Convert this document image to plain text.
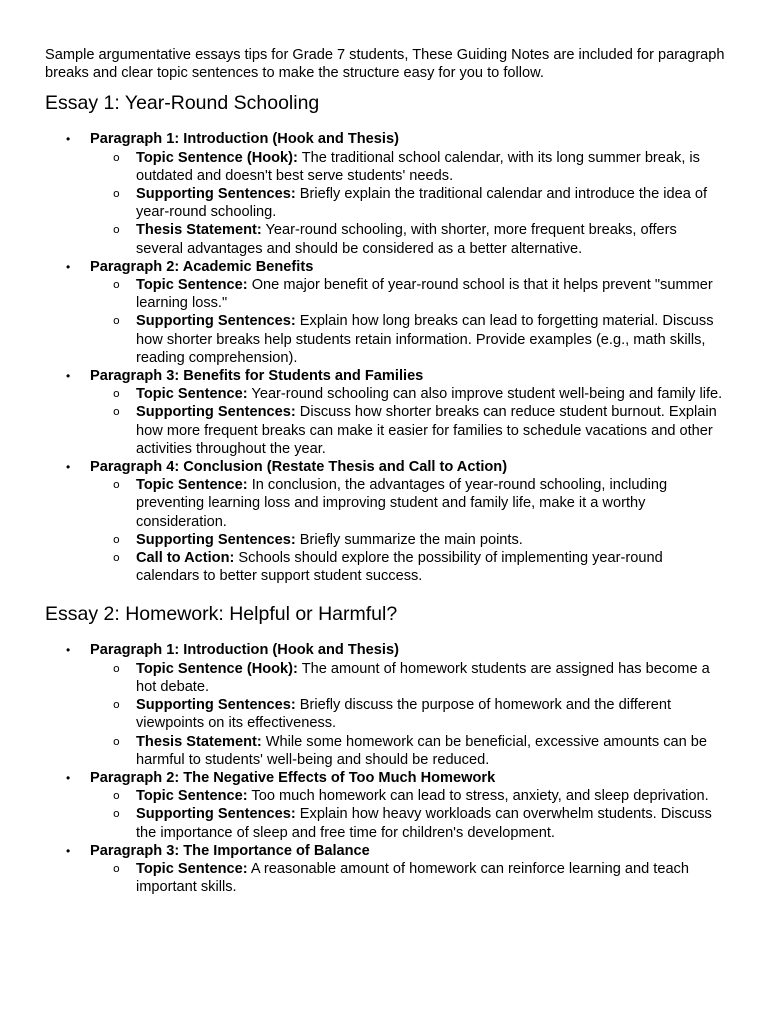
Sample argumentative essays tips for Grade 7 students, These Guiding Notes are included for paragraph breaks and clear topic sentences to make the structure easy for you to follow.

Essay 1: Year-Round Schooling
• Paragraph 1: Introduction (Hook and Thesis)
o Topic Sentence (Hook): The traditional school calendar, with its long summer break, is outdated and doesn't best serve students' needs.
o Supporting Sentences: Briefly explain the traditional calendar and introduce the idea of year-round schooling.
o Thesis Statement: Year-round schooling, with shorter, more frequent breaks, offers several advantages and should be considered as a better alternative.
• Paragraph 2: Academic Benefits
o Topic Sentence: One major benefit of year-round school is that it helps prevent "summer learning loss."
o Supporting Sentences: Explain how long breaks can lead to forgetting material. Discuss how shorter breaks help students retain information. Provide examples (e.g., math skills, reading comprehension).
• Paragraph 3: Benefits for Students and Families
o Topic Sentence: Year-round schooling can also improve student well-being and family life.
o Supporting Sentences: Discuss how shorter breaks can reduce student burnout. Explain how more frequent breaks can make it easier for families to schedule vacations and other activities throughout the year.
• Paragraph 4: Conclusion (Restate Thesis and Call to Action)
o Topic Sentence: In conclusion, the advantages of year-round schooling, including preventing learning loss and improving student and family life, make it a worthy consideration.
o Supporting Sentences: Briefly summarize the main points.
o Call to Action: Schools should explore the possibility of implementing year-round calendars to better support student success.
Essay 2: Homework: Helpful or Harmful?
• Paragraph 1: Introduction (Hook and Thesis)
o Topic Sentence (Hook): The amount of homework students are assigned has become a hot debate.
o Supporting Sentences: Briefly discuss the purpose of homework and the different viewpoints on its effectiveness.
o Thesis Statement: While some homework can be beneficial, excessive amounts can be harmful to students' well-being and should be reduced.
• Paragraph 2: The Negative Effects of Too Much Homework
o Topic Sentence: Too much homework can lead to stress, anxiety, and sleep deprivation.
o Supporting Sentences: Explain how heavy workloads can overwhelm students. Discuss the importance of sleep and free time for children's development.
• Paragraph 3: The Importance of Balance
o Topic Sentence: A reasonable amount of homework can reinforce learning and teach important skills.
